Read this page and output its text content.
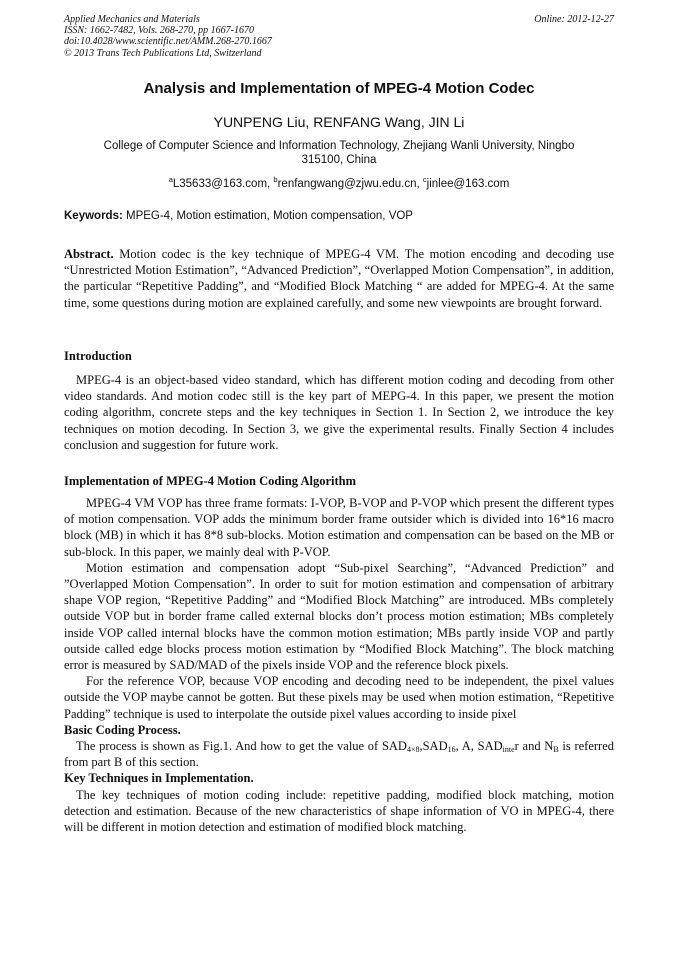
Applied Mechanics and Materials
ISSN: 1662-7482, Vols. 268-270, pp 1667-1670
doi:10.4028/www.scientific.net/AMM.268-270.1667
© 2013 Trans Tech Publications Ltd, Switzerland
Online: 2012-12-27
Analysis and Implementation of MPEG-4 Motion Codec
YUNPENG Liu, RENFANG Wang, JIN Li
College of Computer Science and Information Technology, Zhejiang Wanli University, Ningbo
315100, China
$^a$L35633@163.com, $^b$renfangwang@zjwu.edu.cn, $^c$jinlee@163.com
Keywords: MPEG-4, Motion estimation, Motion compensation, VOP

Abstract. Motion codec is the key technique of MPEG-4 VM. The motion encoding and decoding use “Unrestricted Motion Estimation”, “Advanced Prediction”, “Overlapped Motion Compensation”, in addition, the particular “Repetitive Padding”, and “Modified Block Matching “ are added for MPEG-4. At the same time, some questions during motion are explained carefully, and some new viewpoints are brought forward.

Introduction

MPEG-4 is an object-based video standard, which has different motion coding and decoding from other video standards. And motion codec still is the key part of MEPG-4. In this paper, we present the motion coding algorithm, concrete steps and the key techniques in Section 1. In Section 2, we introduce the key techniques on motion decoding. In Section 3, we give the experimental results. Finally Section 4 includes conclusion and suggestion for future work.

Implementation of MPEG-4 Motion Coding Algorithm

MPEG-4 VM VOP has three frame formats: I-VOP, B-VOP and P-VOP which present the different types of motion compensation. VOP adds the minimum border frame outsider which is divided into 16*16 macro block (MB) in which it has 8*8 sub-blocks. Motion estimation and compensation can be based on the MB or sub-block. In this paper, we mainly deal with P-VOP.

Motion estimation and compensation adopt “Sub-pixel Searching”, “Advanced Prediction” and ”Overlapped Motion Compensation”. In order to suit for motion estimation and compensation of arbitrary shape VOP region, “Repetitive Padding” and “Modified Block Matching” are introduced. MBs completely outside VOP but in border frame called external blocks don’t process motion estimation; MBs completely inside VOP called internal blocks have the common motion estimation; MBs partly inside VOP and partly outside called edge blocks process motion estimation by “Modified Block Matching”. The block matching error is measured by SAD/MAD of the pixels inside VOP and the reference block pixels.

For the reference VOP, because VOP encoding and decoding need to be independent, the pixel values outside the VOP maybe cannot be gotten. But these pixels may be used when motion estimation, “Repetitive Padding” technique is used to interpolate the outside pixel values according to inside pixel

Basic Coding Process.

The process is shown as Fig.1. And how to get the value of $SAD_{4\times 8},SAD_{16}$, A, $SAD_{inte}r$ and $N_B$ is referred from part B of this section.

Key Techniques in Implementation.

The key techniques of motion coding include: repetitive padding, modified block matching, motion detection and estimation. Because of the new characteristics of shape information of VO in MPEG-4, there will be different in motion detection and estimation of modified block matching.
